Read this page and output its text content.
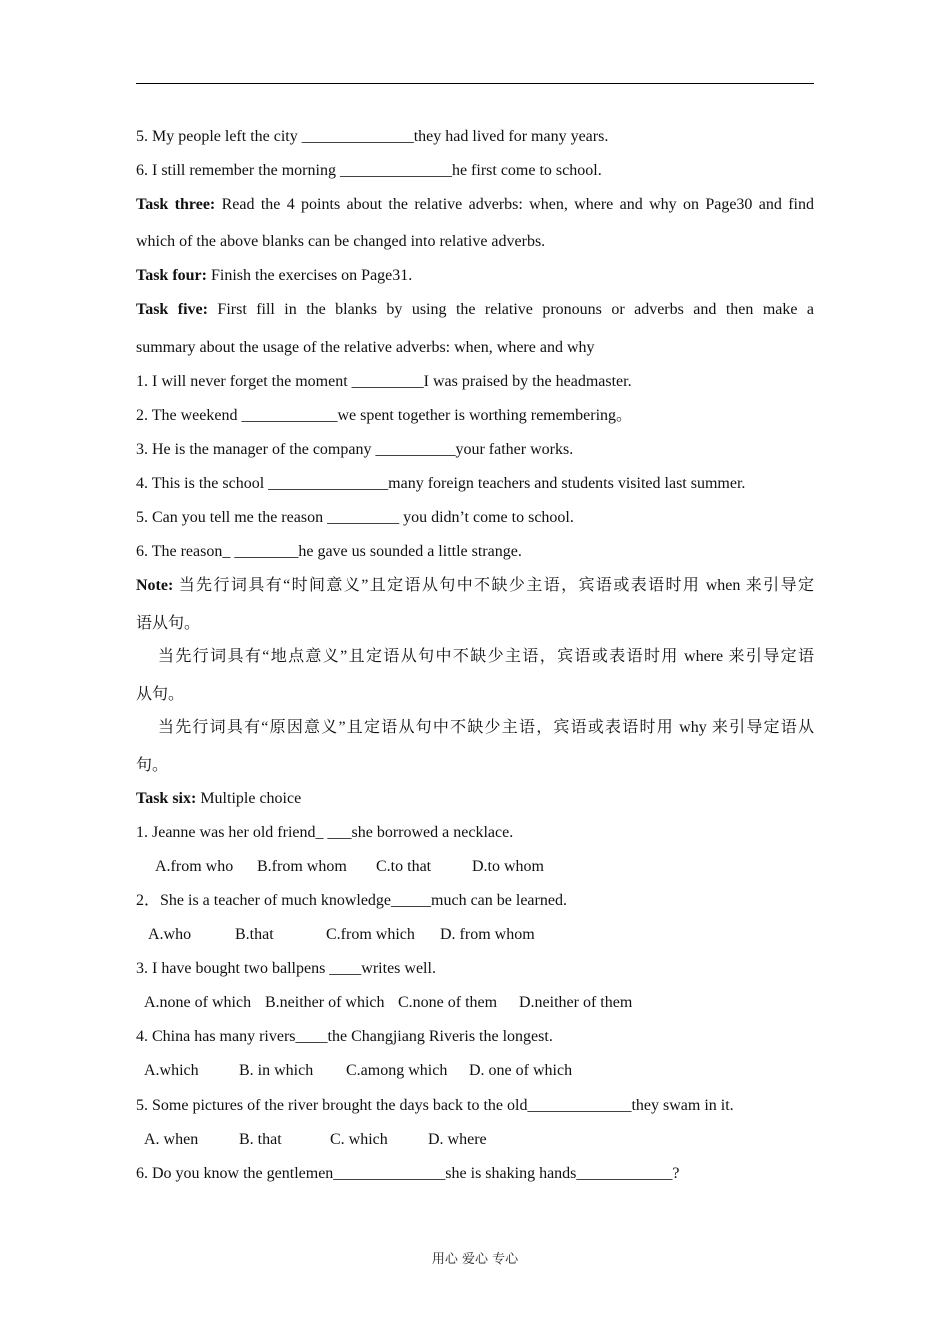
5. My people left the city ______________they had lived for many years.
6. I still remember the morning ______________he first come to school.
Task three: Read the 4 points about the relative adverbs: when, where and why on Page30 and find
which of the above blanks can be changed into relative adverbs.
Task four: Finish the exercises on Page31.
Task five: First fill in the blanks by using the relative pronouns or adverbs and then make a
summary about the usage of the relative adverbs: when, where and why
1. I will never forget the moment _________I was praised by the headmaster.
2. The weekend ____________we spent together is worthing remembering。
3. He is the manager of the company __________your father works.
4. This is the school _______________many foreign teachers and students visited last summer.
5. Can you tell me the reason _________ you didn’t come to school.
6. The reason_ ________he gave us sounded a little strange.
Note: 当先行词具有“时间意义”且定语从句中不缺少主语，宾语或表语时用 when 来引导定
语从句。
当先行词具有“地点意义”且定语从句中不缺少主语，宾语或表语时用 where 来引导定语
从句。
当先行词具有“原因意义”且定语从句中不缺少主语，宾语或表语时用 why 来引导定语从
句。
Task six: Multiple choice
1. Jeanne was her old friend_ ___she borrowed a necklace.
A.from who B.from whom C.to that	D.to whom
2．She is a teacher of much knowledge_____much can be learned.
A.who	B.that	C.from which D. from whom
3. I have bought two ballpens ____writes well.
A.none of which B.neither of which C.none of them D.neither of them
4. China has many rivers____the Changjiang Riveris the longest.
A.which	B. in which C.among which D. one of which
5. Some pictures of the river brought the days back to the old_____________they swam in it.
A. when	B. that	C. which	D. where
6. Do you know the gentlemen______________she is shaking hands____________?
用心 爱心 专心
